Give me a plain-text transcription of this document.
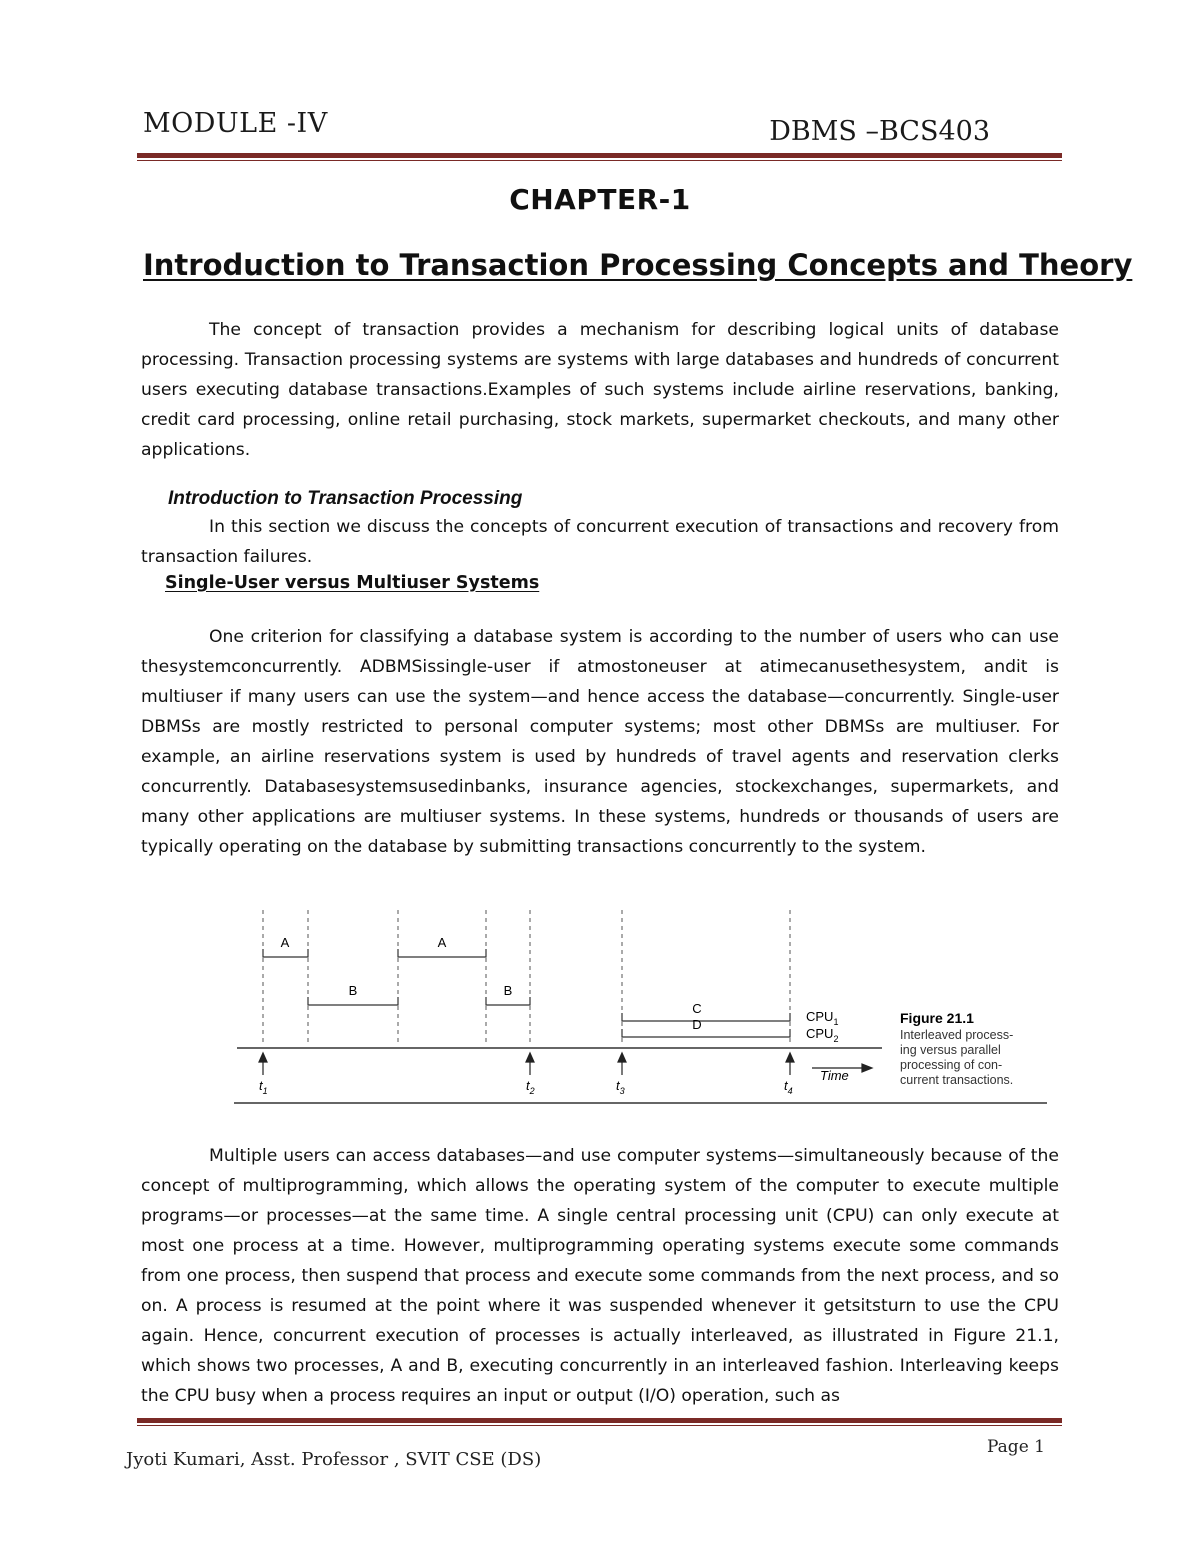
MODULE -IV	DBMS –BCS403
CHAPTER-1
Introduction to Transaction Processing Concepts and Theory
The concept of transaction provides a mechanism for describing logical units of database processing. Transaction processing systems are systems with large databases and hundreds of concurrent users executing database transactions.Examples of such systems include airline reservations, banking, credit card processing, online retail purchasing, stock markets, supermarket checkouts, and many other applications.
Introduction to Transaction Processing
In this section we discuss the concepts of concurrent execution of transactions and recovery from transaction failures.
Single-User versus Multiuser Systems
One criterion for classifying a database system is according to the number of users who can use thesystemconcurrently. ADBMSissingle-user if atmostoneuser at atimecanusethesystem, andit is multiuser if many users can use the system—and hence access the database—concurrently. Single-user DBMSs are mostly restricted to personal computer systems; most other DBMSs are multiuser. For example, an airline reservations system is used by hundreds of travel agents and reservation clerks concurrently. Databasesystemsusedinbanks, insurance agencies, stockexchanges, supermarkets, and many other applications are multiuser systems. In these systems, hundreds or thousands of users are typically operating on the database by submitting transactions concurrently to the system.
A	A
B	B
C
D
$CPU_1$
$CPU_2$
$t_1$	$t_2$	$t_3$	$t_4$
Time
Figure 21.1
Interleaved process-
ing versus parallel
processing of con-
current transactions.
Multiple users can access databases—and use computer systems—simultaneously because of the concept of multiprogramming, which allows the operating system of the computer to execute multiple programs—or processes—at the same time. A single central processing unit (CPU) can only execute at most one process at a time. However, multiprogramming operating systems execute some commands from one process, then suspend that process and execute some commands from the next process, and so on. A process is resumed at the point where it was suspended whenever it getsitsturn to use the CPU again. Hence, concurrent execution of processes is actually interleaved, as illustrated in Figure 21.1, which shows two processes, A and B, executing concurrently in an interleaved fashion. Interleaving keeps the CPU busy when a process requires an input or output (I/O) operation, such as
Jyoti Kumari, Asst. Professor , SVIT CSE (DS)
Page 1
